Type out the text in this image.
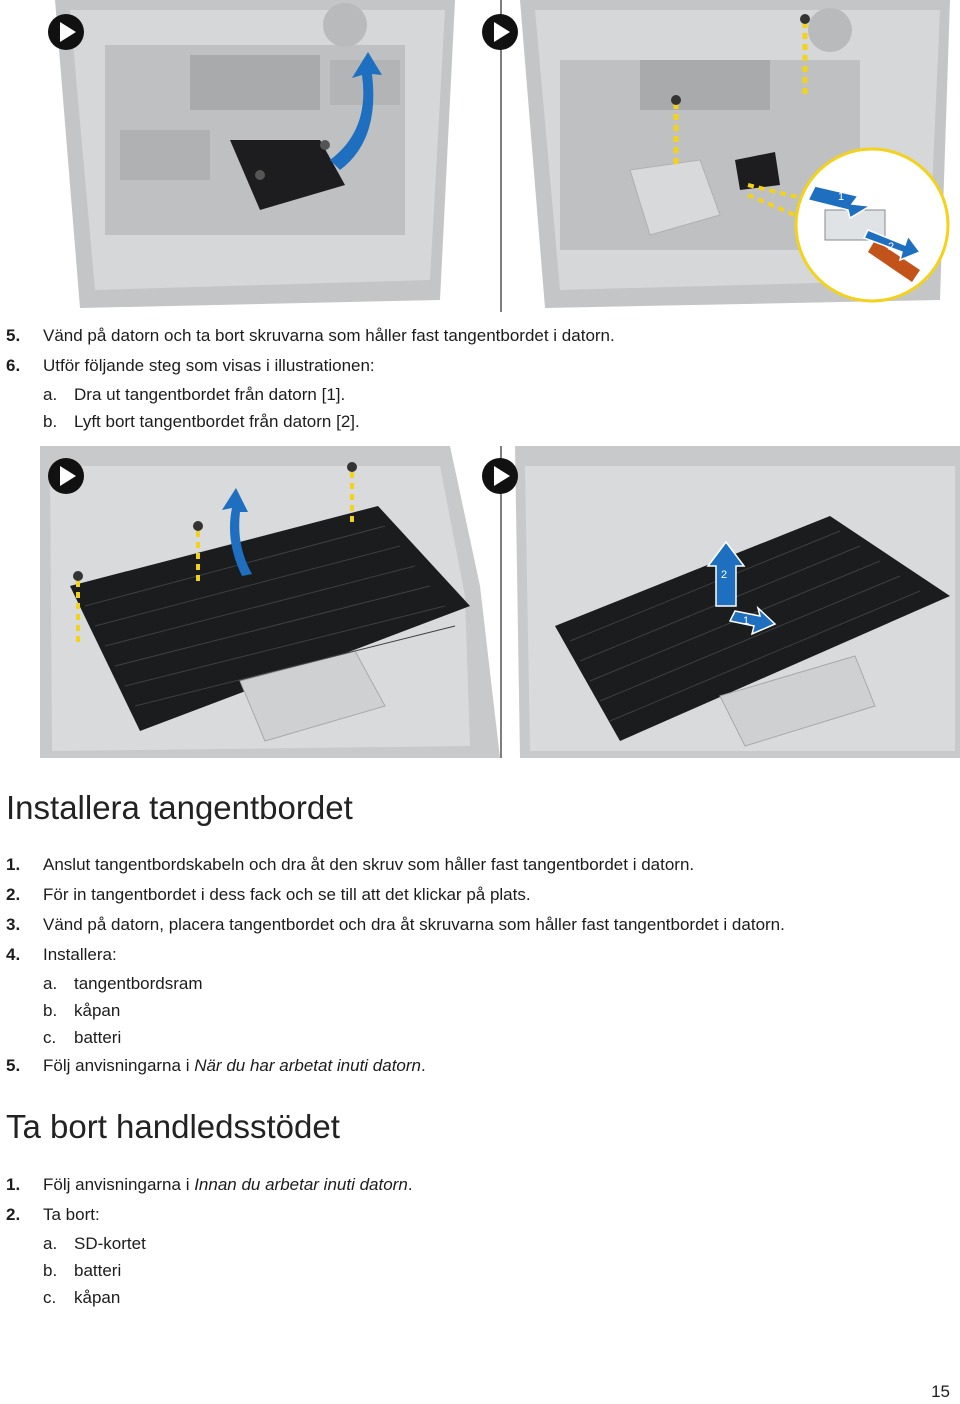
1
2
5. Vänd på datorn och ta bort skruvarna som håller fast tangentbordet i datorn.
6. Utför följande steg som visas i illustrationen:
a. Dra ut tangentbordet från datorn [1].
b. Lyft bort tangentbordet från datorn [2].
2
1
Installera tangentbordet
1. Anslut tangentbordskabeln och dra åt den skruv som håller fast tangentbordet i datorn.
2. För in tangentbordet i dess fack och se till att det klickar på plats.
3. Vänd på datorn, placera tangentbordet och dra åt skruvarna som håller fast tangentbordet i datorn.
4. Installera:
a. tangentbordsram
b. kåpan
c. batteri
5. Följ anvisningarna i När du har arbetat inuti datorn.
Ta bort handledsstödet
1. Följ anvisningarna i Innan du arbetar inuti datorn.
2. Ta bort:
a. SD-kortet
b. batteri
c. kåpan
15
